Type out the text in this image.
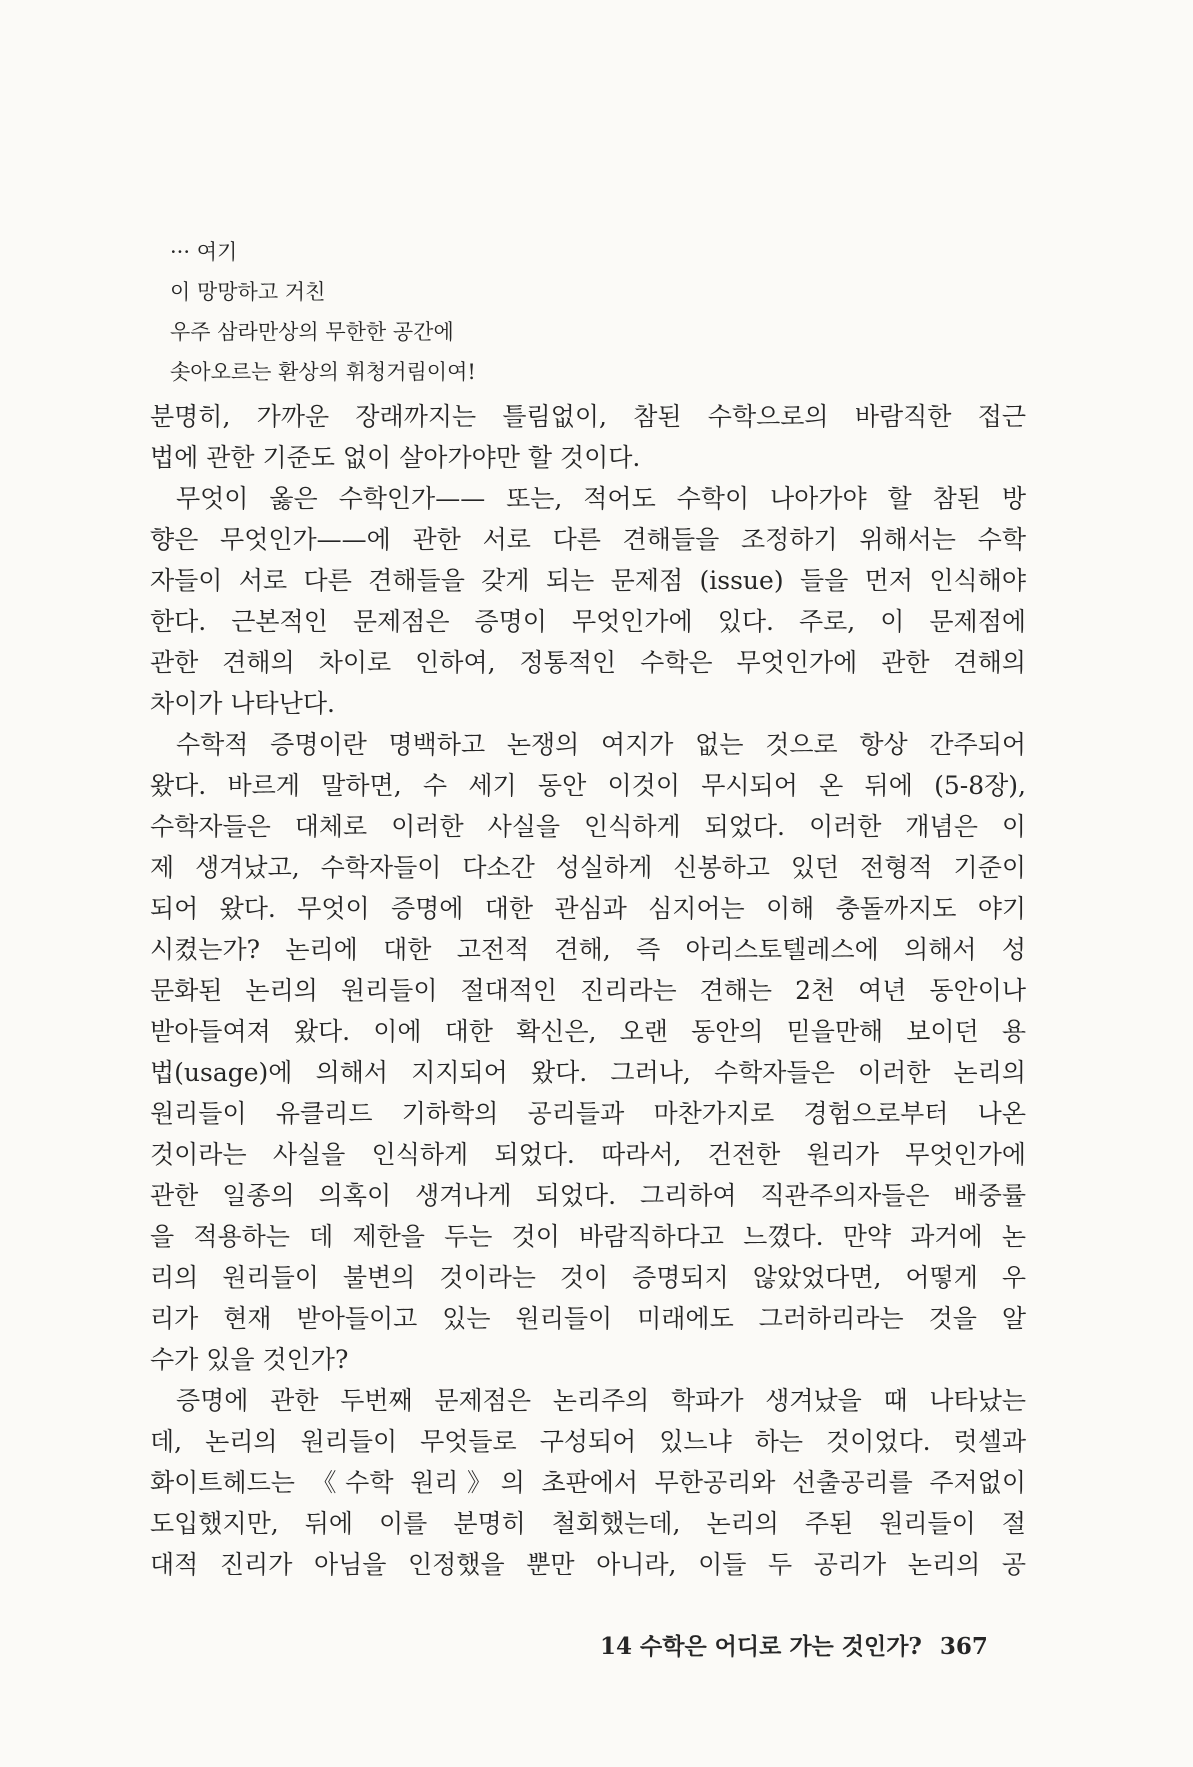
··· 여기
이 망망하고 거친
우주 삼라만상의 무한한 공간에
솟아오르는 환상의 휘청거림이여!
분명히, 가까운 장래까지는 틀림없이, 참된 수학으로의 바람직한 접근
법에 관한 기준도 없이 살아가야만 할 것이다.
무엇이 옳은 수학인가—— 또는, 적어도 수학이 나아가야 할 참된 방
향은 무엇인가——에 관한 서로 다른 견해들을 조정하기 위해서는 수학
자들이 서로 다른 견해들을 갖게 되는 문제점 (issue) 들을 먼저 인식해야
한다. 근본적인 문제점은 증명이 무엇인가에 있다. 주로, 이 문제점에
관한 견해의 차이로 인하여, 정통적인 수학은 무엇인가에 관한 견해의
차이가 나타난다.
수학적 증명이란 명백하고 논쟁의 여지가 없는 것으로 항상 간주되어
왔다. 바르게 말하면, 수 세기 동안 이것이 무시되어 온 뒤에 (5-8장),
수학자들은 대체로 이러한 사실을 인식하게 되었다. 이러한 개념은 이
제 생겨났고, 수학자들이 다소간 성실하게 신봉하고 있던 전형적 기준이
되어 왔다. 무엇이 증명에 대한 관심과 심지어는 이해 충돌까지도 야기
시켰는가? 논리에 대한 고전적 견해, 즉 아리스토텔레스에 의해서 성
문화된 논리의 원리들이 절대적인 진리라는 견해는 2천 여년 동안이나
받아들여져 왔다. 이에 대한 확신은, 오랜 동안의 믿을만해 보이던 용
법(usage)에 의해서 지지되어 왔다. 그러나, 수학자들은 이러한 논리의
원리들이 유클리드 기하학의 공리들과 마찬가지로 경험으로부터 나온
것이라는 사실을 인식하게 되었다. 따라서, 건전한 원리가 무엇인가에
관한 일종의 의혹이 생겨나게 되었다. 그리하여 직관주의자들은 배중률
을 적용하는 데 제한을 두는 것이 바람직하다고 느꼈다. 만약 과거에 논
리의 원리들이 불변의 것이라는 것이 증명되지 않았었다면, 어떻게 우
리가 현재 받아들이고 있는 원리들이 미래에도 그러하리라는 것을 알
수가 있을 것인가?
증명에 관한 두번째 문제점은 논리주의 학파가 생겨났을 때 나타났는
데, 논리의 원리들이 무엇들로 구성되어 있느냐 하는 것이었다. 럿셀과
화이트헤드는 《수학 원리》의 초판에서 무한공리와 선출공리를 주저없이
도입했지만, 뒤에 이를 분명히 철회했는데, 논리의 주된 원리들이 절
대적 진리가 아님을 인정했을 뿐만 아니라, 이들 두 공리가 논리의 공
14 수학은 어디로 가는 것인가? 367
